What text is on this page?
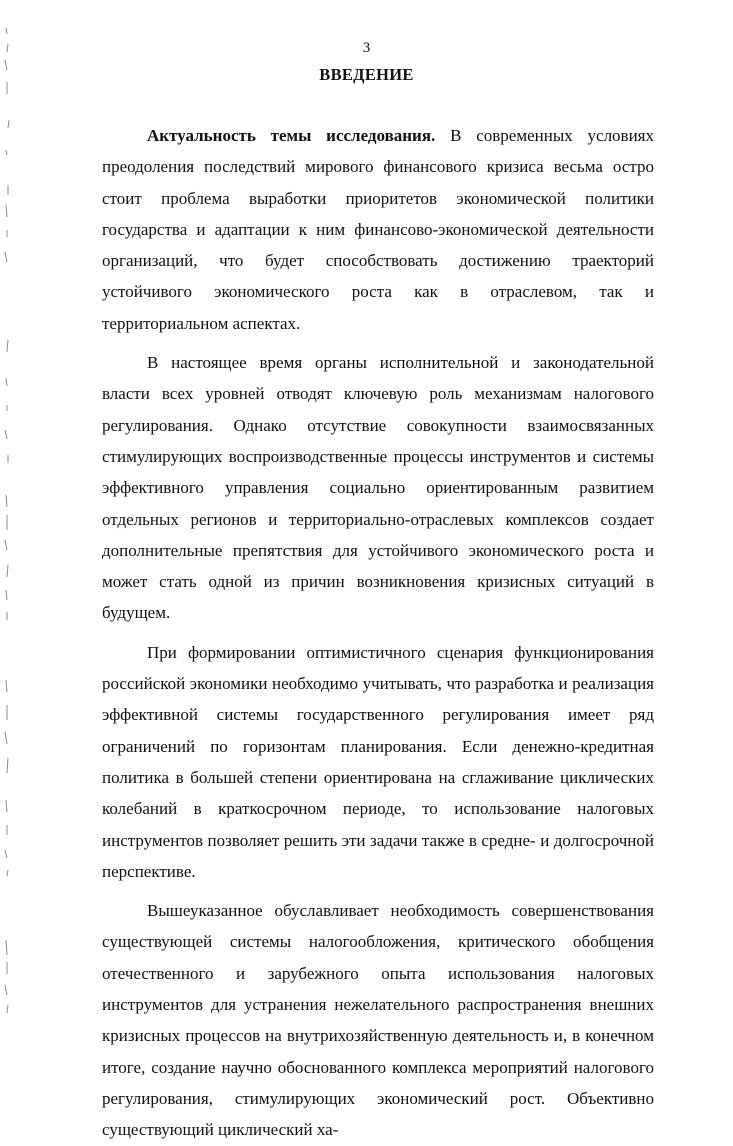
3
ВВЕДЕНИЕ

Актуальность темы исследования. В современных условиях преодоления последствий мирового финансового кризиса весьма остро стоит проблема выработки приоритетов экономической политики государства и адаптации к ним финансово-экономической деятельности организаций, что будет способствовать достижению траекторий устойчивого экономического роста как в отраслевом, так и территориальном аспектах.

В настоящее время органы исполнительной и законодательной власти всех уровней отводят ключевую роль механизмам налогового регулирования. Однако отсутствие совокупности взаимосвязанных стимулирующих воспроизводственные процессы инструментов и системы эффективного управления социально ориентированным развитием отдельных регионов и территориально-отраслевых комплексов создает дополнительные препятствия для устойчивого экономического роста и может стать одной из причин возникновения кризисных ситуаций в будущем.

При формировании оптимистичного сценария функционирования российской экономики необходимо учитывать, что разработка и реализация эффективной системы государственного регулирования имеет ряд ограничений по горизонтам планирования. Если денежно-кредитная политика в большей степени ориентирована на сглаживание циклических колебаний в краткосрочном периоде, то использование налоговых инструментов позволяет решить эти задачи также в средне- и долгосрочной перспективе.

Вышеуказанное обуславливает необходимость совершенствования существующей системы налогообложения, критического обобщения отечественного и зарубежного опыта использования налоговых инструментов для устранения нежелательного распространения внешних кризисных процессов на внутрихозяйственную деятельность и, в конечном итоге, создание научно обоснованного комплекса мероприятий налогового регулирования, стимулирующих экономический рост. Объективно существующий циклический ха-
